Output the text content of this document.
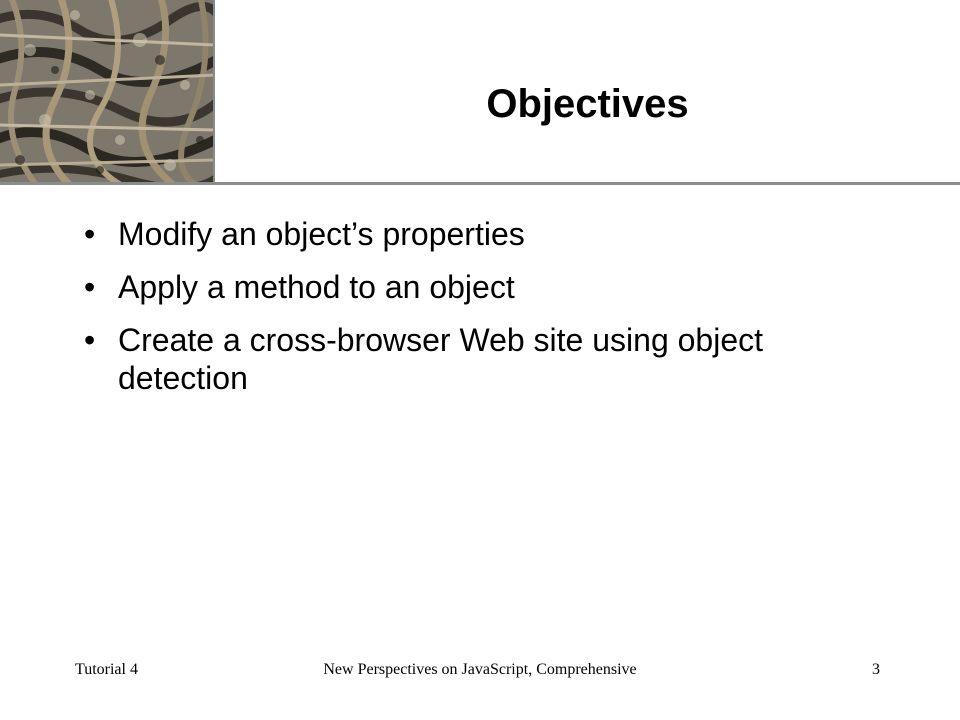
Objectives
• Modify an object’s properties
• Apply a method to an object
• Create a cross-browser Web site using object detection
Tutorial 4	New Perspectives on JavaScript, Comprehensive	3
